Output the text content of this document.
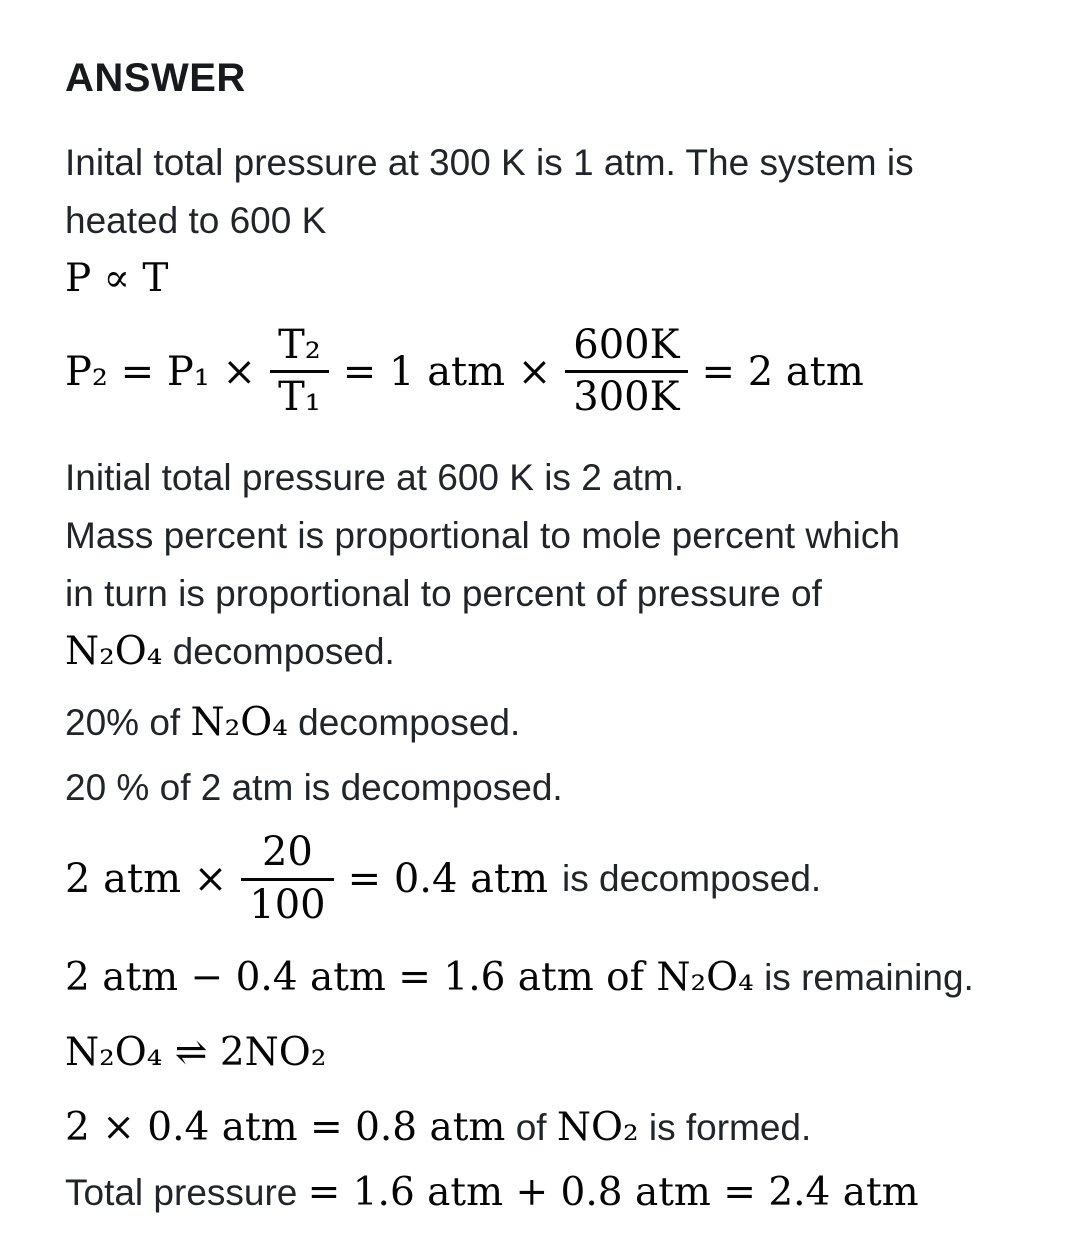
ANSWER
Inital total pressure at 300 K is 1 atm. The system is
heated to 600 K
P ∝ T
$P_2 = P_1 \times \frac{\text{T₂}}{\text{T₁}} = 1$ atm × $\frac{600K}{300K} = 2$ atm
Initial total pressure at 600 K is 2 atm.
Mass percent is proportional to mole percent which
in turn is proportional to percent of pressure of
N₂O₄ decomposed.
20% of N₂O₄ decomposed.
20 % of 2 atm is decomposed.
2 atm × $\frac{20}{100} = 0.4$ atm is decomposed.
2 atm − 0.4 atm = 1.6 atm of N₂O₄ is remaining.
N₂O₄ ⇌ 2NO₂
2 × 0.4 atm = 0.8 atm of NO₂ is formed.
Total pressure = 1.6 atm + 0.8 atm = 2.4 atm
